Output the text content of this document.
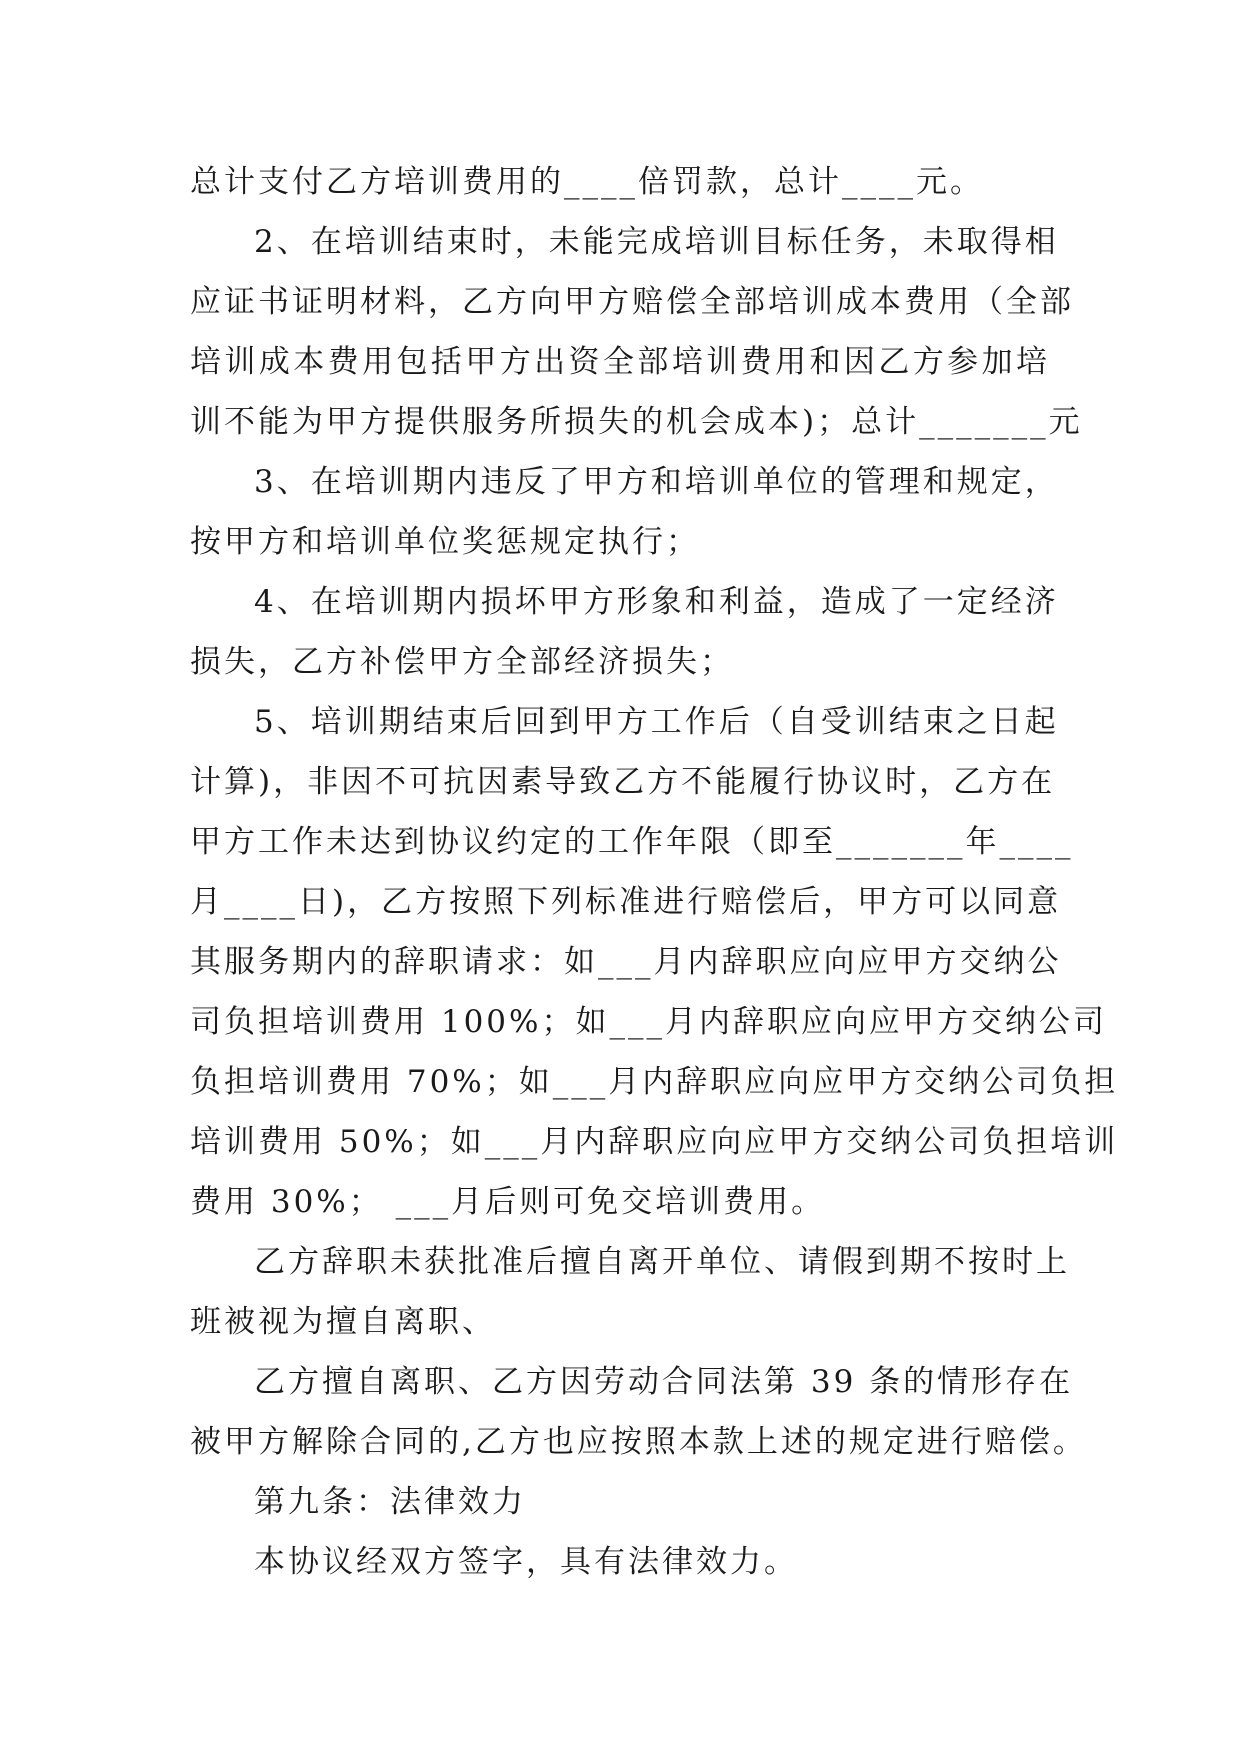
总计支付乙方培训费用的____倍罚款，总计____元。
2、在培训结束时，未能完成培训目标任务，未取得相
应证书证明材料，乙方向甲方赔偿全部培训成本费用（全部
培训成本费用包括甲方出资全部培训费用和因乙方参加培
训不能为甲方提供服务所损失的机会成本)；总计_______元
3、在培训期内违反了甲方和培训单位的管理和规定，
按甲方和培训单位奖惩规定执行；
4、在培训期内损坏甲方形象和利益，造成了一定经济
损失，乙方补偿甲方全部经济损失；
5、培训期结束后回到甲方工作后（自受训结束之日起
计算)，非因不可抗因素导致乙方不能履行协议时，乙方在
甲方工作未达到协议约定的工作年限（即至_______年____
月____日)，乙方按照下列标准进行赔偿后，甲方可以同意
其服务期内的辞职请求：如___月内辞职应向应甲方交纳公
司负担培训费用 100%；如___月内辞职应向应甲方交纳公司
负担培训费用 70%；如___月内辞职应向应甲方交纳公司负担
培训费用 50%；如___月内辞职应向应甲方交纳公司负担培训
费用 30%； ___月后则可免交培训费用。
乙方辞职未获批准后擅自离开单位、请假到期不按时上
班被视为擅自离职、
乙方擅自离职、乙方因劳动合同法第 39 条的情形存在
被甲方解除合同的,乙方也应按照本款上述的规定进行赔偿。
第九条：法律效力
本协议经双方签字，具有法律效力。
